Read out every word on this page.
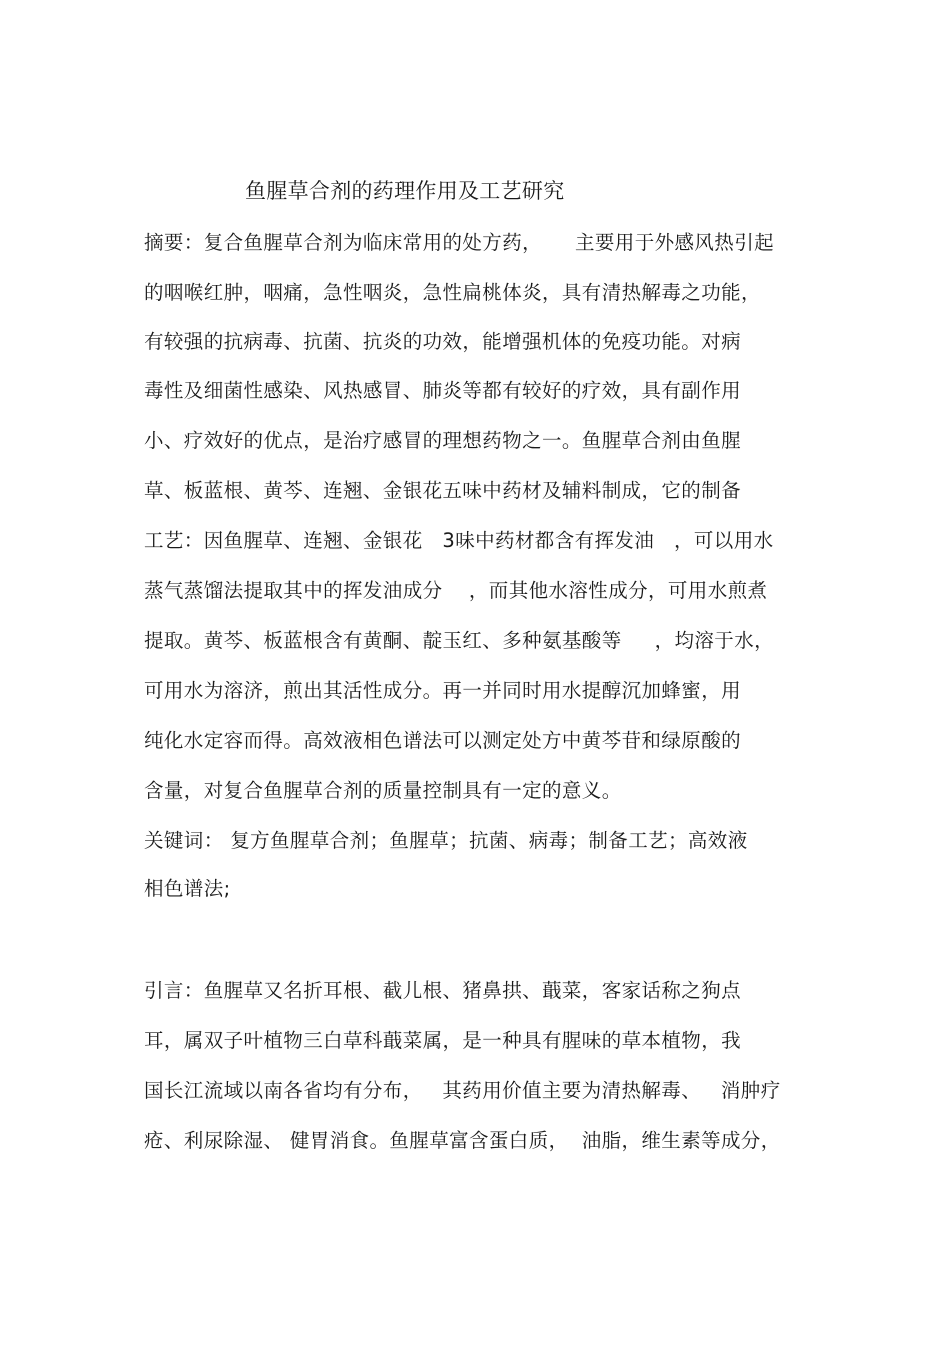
鱼腥草合剂的药理作用及工艺研究
摘要：复合鱼腥草合剂为临床常用的处方药，     主要用于外感风热引起
的咽喉红肿，咽痛，急性咽炎，急性扁桃体炎，具有清热解毒之功能，
有较强的抗病毒、抗菌、抗炎的功效，能增强机体的免疫功能。对病
毒性及细菌性感染、风热感冒、肺炎等都有较好的疗效，具有副作用
小、疗效好的优点，是治疗感冒的理想药物之一。鱼腥草合剂由鱼腥
草、板蓝根、黄芩、连翘、金银花五味中药材及辅料制成，它的制备
工艺：因鱼腥草、连翘、金银花   3味中药材都含有挥发油   ，可以用水
蒸气蒸馏法提取其中的挥发油成分    ，而其他水溶性成分，可用水煎煮
提取。黄芩、板蓝根含有黄酮、靛玉红、多种氨基酸等     ，均溶于水，
可用水为溶济，煎出其活性成分。再一并同时用水提醇沉加蜂蜜，用
纯化水定容而得。高效液相色谱法可以测定处方中黄芩苷和绿原酸的
含量，对复合鱼腥草合剂的质量控制具有一定的意义。
关键词： 复方鱼腥草合剂；鱼腥草；抗菌、病毒；制备工艺；高效液
相色谱法;
引言：鱼腥草又名折耳根、截儿根、猪鼻拱、蕺菜，客家话称之狗点
耳，属双子叶植物三白草科蕺菜属，是一种具有腥味的草本植物，我
国长江流域以南各省均有分布，   其药用价值主要为清热解毒、   消肿疗
疮、利尿除湿、 健胃消食。鱼腥草富含蛋白质，  油脂，维生素等成分，
